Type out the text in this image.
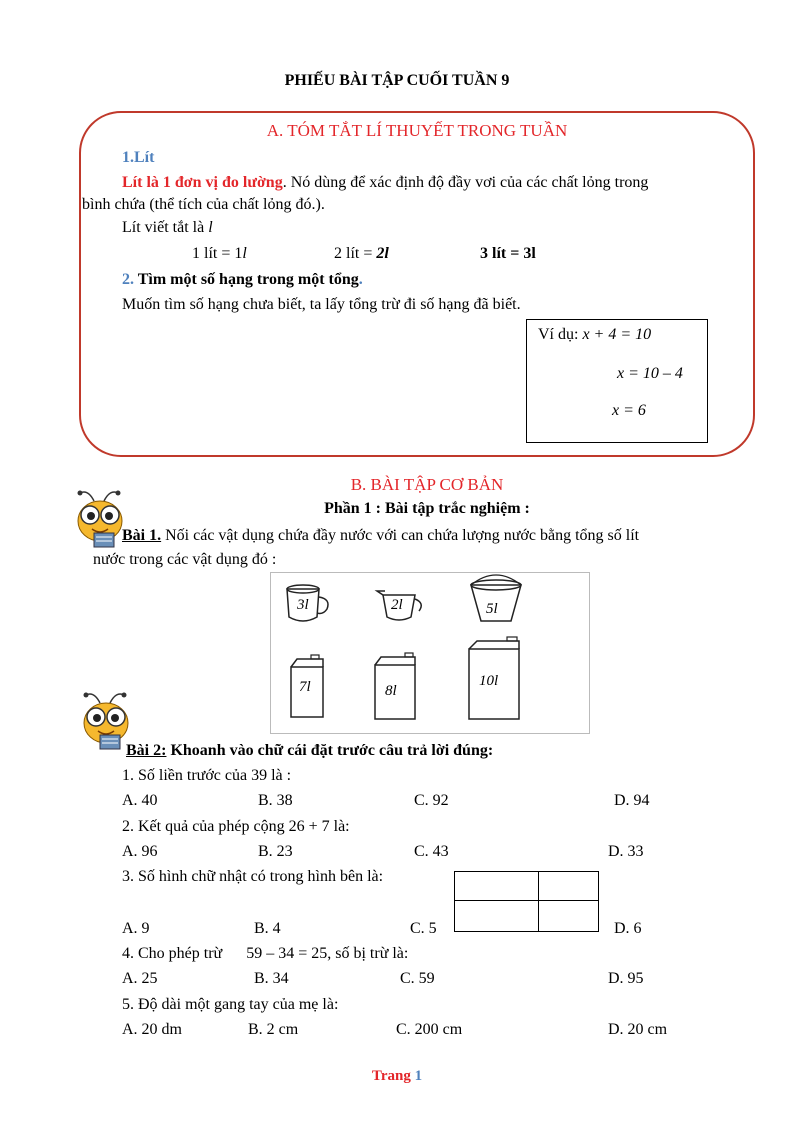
PHIẾU BÀI TẬP CUỐI TUẦN 9
A. TÓM TẮT LÍ THUYẾT TRONG TUẦN
1.Lít
Lít là 1 đơn vị đo lường. Nó dùng để xác định độ đầy vơi của các chất lỏng trong
bình chứa (thể tích của chất lỏng đó.).
Lít viết tắt là l
1 lít = 1l	2 lít = 2l	3 lít = 3l
2. Tìm một số hạng trong một tổng.
Muốn tìm số hạng chưa biết, ta lấy tổng trừ đi số hạng đã biết.
Ví dụ: x + 4 = 10
x = 10 – 4
x = 6
B. BÀI TẬP CƠ BẢN
Phần 1 : Bài tập trắc nghiệm :
Bài 1. Nối các vật dụng chứa đầy nước với can chứa lượng nước bằng tổng số lít
nước trong các vật dụng đó :
3l	2l	5l
7l	8l
10l
Bài 2: Khoanh vào chữ cái đặt trước câu trả lời đúng:
1. Số liền trước của 39 là :
A. 40	B. 38	C. 92	D. 94
2. Kết quả của phép cộng 26 + 7 là:
A. 96	B. 23	C. 43	D. 33
3. Số hình chữ nhật có trong hình bên là:
A. 9	B. 4	C. 5	D. 6
4. Cho phép trừ      59 – 34 = 25, số bị trừ là:
A. 25	B. 34	C. 59	D. 95
5. Độ dài một gang tay của mẹ là:
A. 20 dm	B. 2 cm	C. 200 cm	D. 20 cm
Trang 1
